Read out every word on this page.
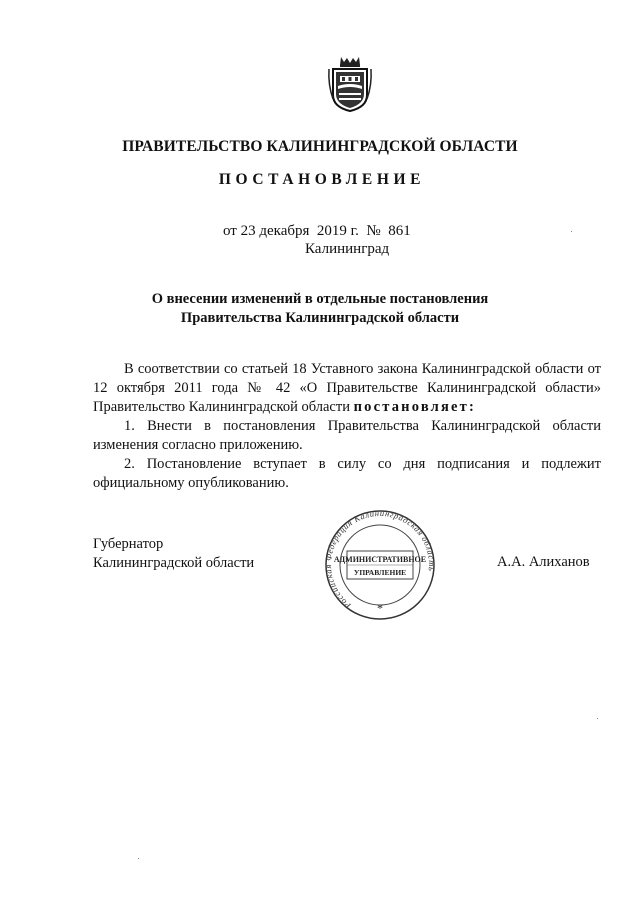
ПРАВИТЕЛЬСТВО КАЛИНИНГРАДСКОЙ ОБЛАСТИ
ПОСТАНОВЛЕНИЕ
от 23 декабря 2019 г. № 861
Калининград
О внесении изменений в отдельные постановления
Правительства Калининградской области

В соответствии со статьей 18 Уставного закона Калининградской области от 12 октября 2011 года № 42 «О Правительстве Калининградской области» Правительство Калининградской области постановляет:

1. Внести в постановления Правительства Калининградской области изменения согласно приложению.

2. Постановление вступает в силу со дня подписания и подлежит официальному опубликованию.

Губернатор
Калининградской области
Российская Федерация Калининградская область
АДМИНИСТРАТИВНОЕ
УПРАВЛЕНИЕ
*
А.А. Алиханов
